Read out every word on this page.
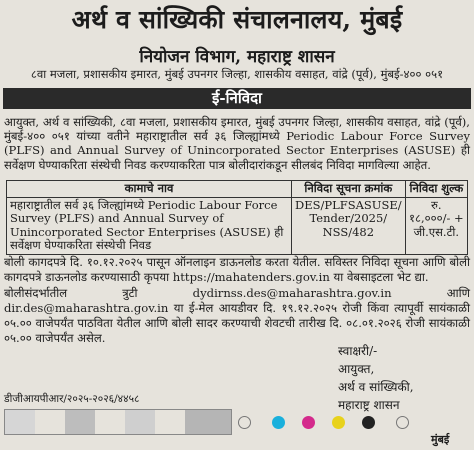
अर्थ व सांख्यिकी संचालनालय, मुंबई
नियोजन विभाग, महाराष्ट्र शासन
८वा मजला, प्रशासकीय इमारत, मुंबई उपनगर जिल्हा, शासकीय वसाहत, वांद्रे (पूर्व), मुंबई-४०० ०५१
ई-निविदा
आयुक्त, अर्थ व सांख्यिकी, ८वा मजला, प्रशासकीय इमारत, मुंबई उपनगर जिल्हा, शासकीय वसाहत, वांद्रे (पूर्व), मुंबई-४०० ०५१ यांच्या वतीने महाराष्ट्रातील सर्व ३६ जिल्ह्यांमध्ये Periodic Labour Force Survey (PLFS) and Annual Survey of Unincorporated Sector Enterprises (ASUSE) ही सर्वेक्षण घेण्याकरिता संस्थेची निवड करण्याकरिता पात्र बोलीदारांकडून सीलबंद निविदा मागविल्या आहेत.
कामाचे नाव	निविदा सूचना क्रमांक	निविदा शुल्क
महाराष्ट्रातील सर्व ३६ जिल्ह्यांमध्ये Periodic Labour Force Survey (PLFS) and Annual Survey of Unincorporated Sector Enterprises (ASUSE) ही सर्वेक्षण घेण्याकरिता संस्थेची निवड	DES/PLFSASUSE/ Tender/2025/ NSS/482	रु. १८,०००/- + जी.एस.टी.

बोली कागदपत्रे दि. १०.१२.२०२५ पासून ऑनलाइन डाऊनलोड करता येतील. सविस्तर निविदा सूचना आणि बोली कागदपत्रे डाऊनलोड करण्यासाठी कृपया https://mahatenders.gov.in या वेबसाइटला भेट द्या.

बोलीसंदर्भातील त्रुटी dydirnss.des@maharashtra.gov.in आणि dir.des@maharashtra.gov.in या ई-मेल आयडीवर दि. १९.१२.२०२५ रोजी किंवा त्यापूर्वी सायंकाळी ०५.०० वाजेपर्यंत पाठविता येतील आणि बोली सादर करण्याची शेवटची तारीख दि. ०८.०१.२०२६ रोजी सायंकाळी ०५.०० वाजेपर्यंत असेल.

स्वाक्षरी/-
आयुक्त,
अर्थ व सांख्यिकी,
महाराष्ट्र शासन
डीजीआयपीआर/२०२५-२०२६/४४५८
मुंबई
